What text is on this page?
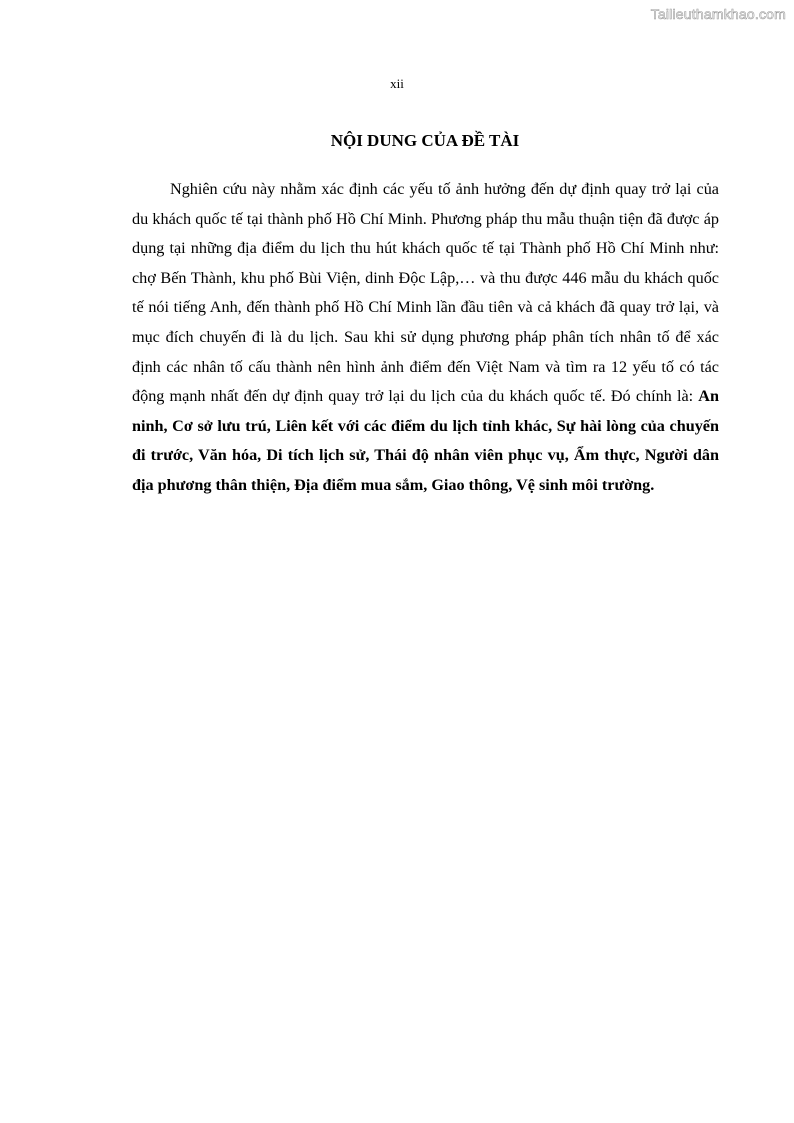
Tailieuthamkhao.com
xii
NỘI DUNG CỦA ĐỀ TÀI

Nghiên cứu này nhằm xác định các yếu tố ảnh hưởng đến dự định quay trở lại của du khách quốc tế tại thành phố Hồ Chí Minh. Phương pháp thu mẫu thuận tiện đã được áp dụng tại những địa điểm du lịch thu hút khách quốc tế tại Thành phố Hồ Chí Minh như: chợ Bến Thành, khu phố Bùi Viện, dinh Độc Lập,… và thu được 446 mẫu du khách quốc tế nói tiếng Anh, đến thành phố Hồ Chí Minh lần đầu tiên và cả khách đã quay trở lại, và mục đích chuyến đi là du lịch. Sau khi sử dụng phương pháp phân tích nhân tố để xác định các nhân tố cấu thành nên hình ảnh điểm đến Việt Nam và tìm ra 12 yếu tố có tác động mạnh nhất đến dự định quay trở lại du lịch của du khách quốc tế. Đó chính là: An ninh, Cơ sở lưu trú, Liên kết với các điểm du lịch tỉnh khác, Sự hài lòng của chuyến đi trước, Văn hóa, Di tích lịch sử, Thái độ nhân viên phục vụ, Ẩm thực, Người dân địa phương thân thiện, Địa điểm mua sắm, Giao thông, Vệ sinh môi trường.
